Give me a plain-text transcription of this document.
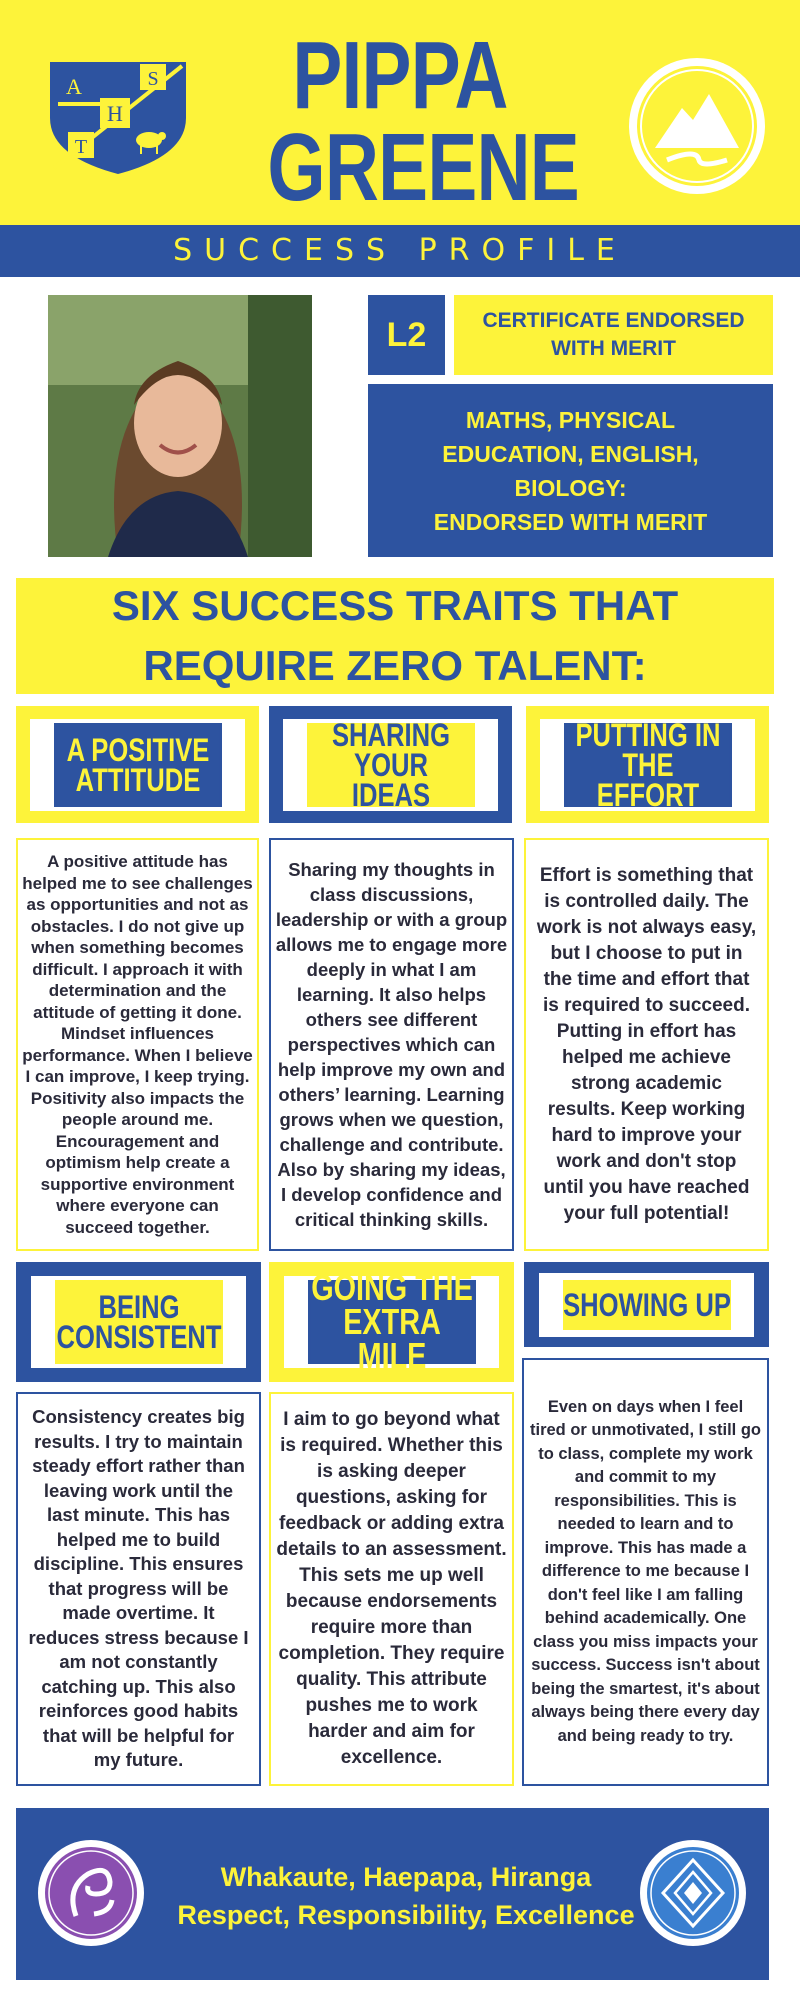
H
S
T
A PIPPA
GREENE
SUCCESS PROFILE
L2	CERTIFICATE ENDORSED WITH MERIT
MATHS, PHYSICAL
EDUCATION, ENGLISH,
BIOLOGY:
ENDORSED WITH MERIT
SIX SUCCESS TRAITS THAT
REQUIRE ZERO TALENT:
A POSITIVE
ATTITUDE
SHARING YOUR
IDEAS
PUTTING IN THE
EFFORT
A positive attitude has helped me to see challenges as opportunities and not as obstacles. I do not give up when something becomes difficult. I approach it with determination and the attitude of getting it done. Mindset influences performance. When I believe I can improve, I keep trying. Positivity also impacts the people around me. Encouragement and optimism help create a supportive environment where everyone can succeed together.
Sharing my thoughts in class discussions, leadership or with a group allows me to engage more deeply in what I am learning. It also helps others see different perspectives which can help improve my own and others’ learning. Learning grows when we question, challenge and contribute. Also by sharing my ideas, I develop confidence and critical thinking skills.
Effort is something that is controlled daily. The work is not always easy, but I choose to put in the time and effort that is required to succeed. Putting in effort has helped me achieve strong academic results. Keep working hard to improve your work and don't stop until you have reached your full potential!
BEING
CONSISTENT
GOING THE
EXTRA MILE
SHOWING UP
Consistency creates big results. I try to maintain steady effort rather than leaving work until the last minute. This has helped me to build discipline. This ensures that progress will be made overtime. It reduces stress because I am not constantly catching up. This also reinforces good habits that will be helpful for my future.
I aim to go beyond what is required. Whether this is asking deeper questions, asking for feedback or adding extra details to an assessment. This sets me up well because endorsements require more than completion. They require quality. This attribute pushes me to work harder and aim for excellence.
Even on days when I feel tired or unmotivated, I still go to class, complete my work and commit to my responsibilities. This is needed to learn and to improve. This has made a difference to me because I don't feel like I am falling behind academically. One class you miss impacts your success. Success isn't about being the smartest, it's about always being there every day and being ready to try.
Whakaute, Haepapa, Hiranga
Respect, Responsibility, Excellence
